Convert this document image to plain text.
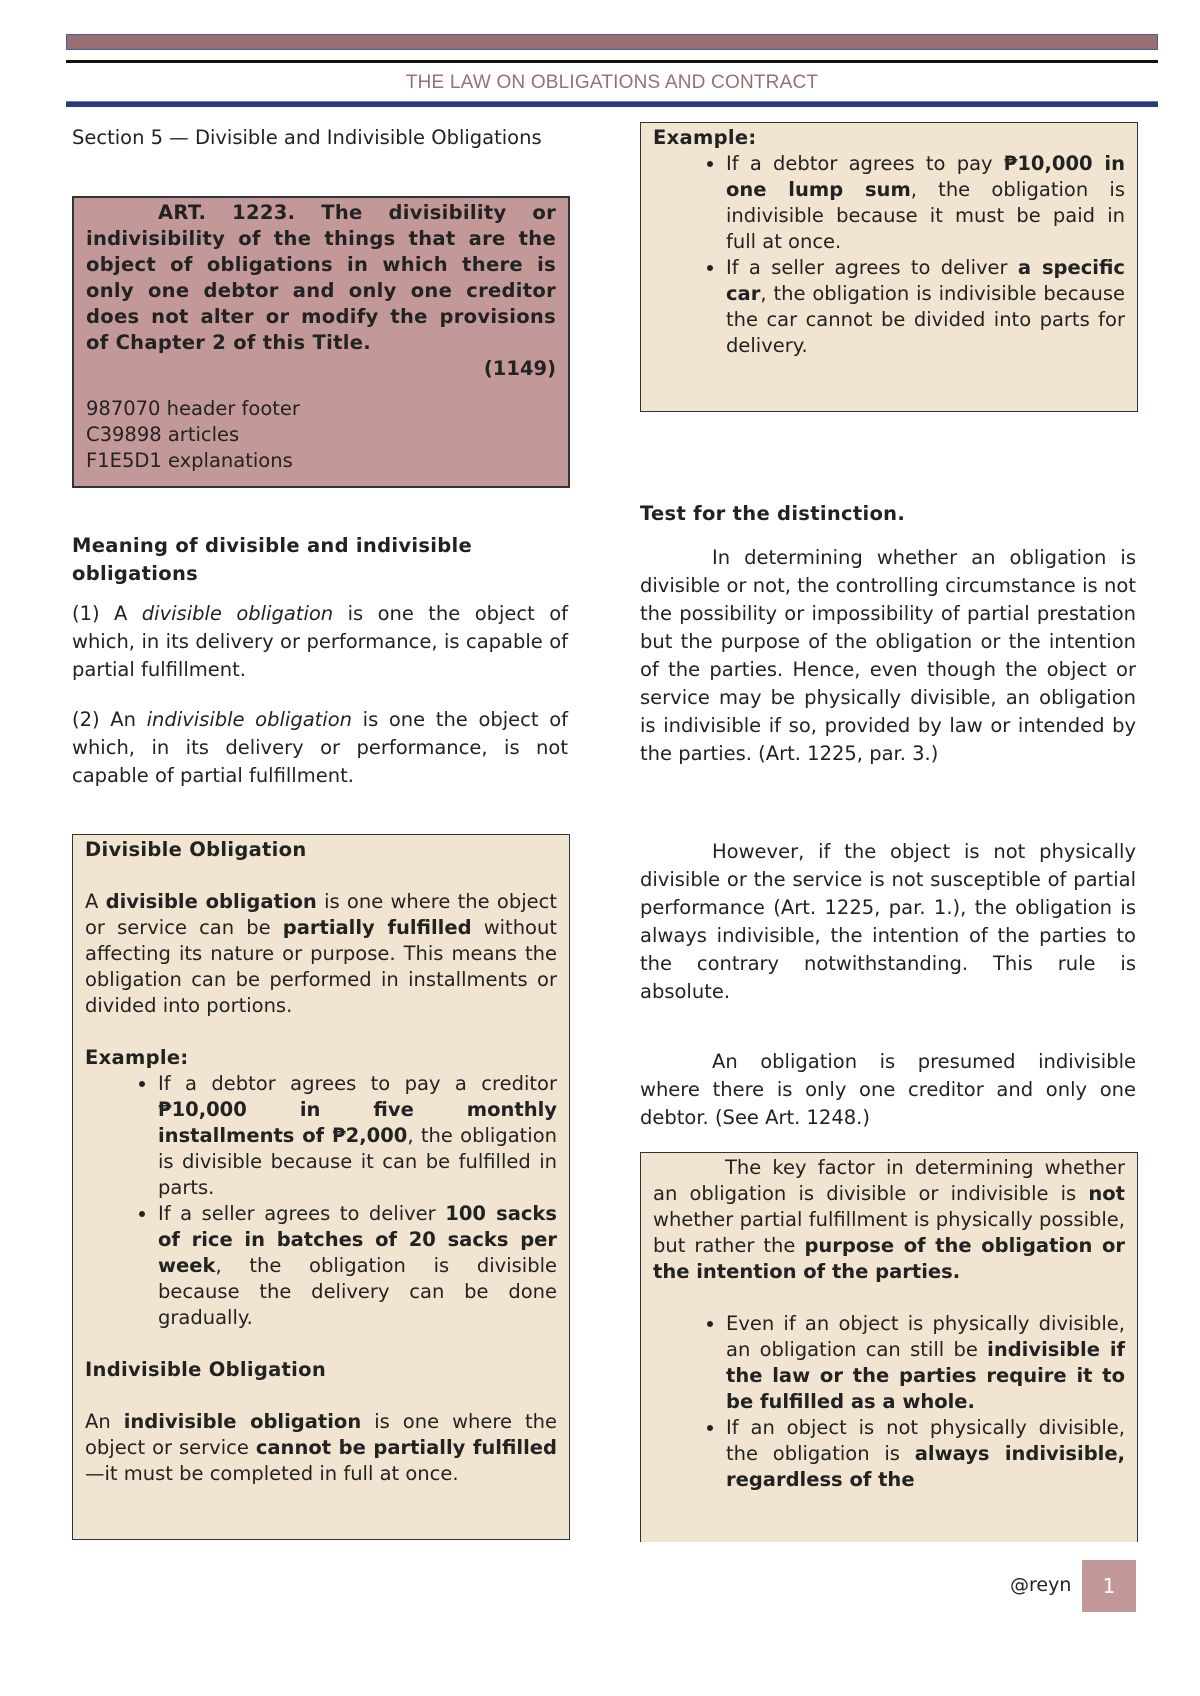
THE LAW ON OBLIGATIONS AND CONTRACT

Section 5 — Divisible and Indivisible Obligations

ART. 1223. The divisibility or indivisibility of the things that are the object of obligations in which there is only one debtor and only one creditor does not alter or modify the provisions of Chapter 2 of this Title.

(1149)

987070 header footer
C39898 articles
F1E5D1 explanations

Meaning of divisible and indivisible obligations

(1) A divisible obligation is one the object of which, in its delivery or performance, is capable of partial fulfillment.

(2) An indivisible obligation is one the object of which, in its delivery or performance, is not capable of partial fulfillment.

Divisible Obligation
A divisible obligation is one where the object or service can be partially fulfilled without affecting its nature or purpose. This means the obligation can be performed in installments or divided into portions.
Example:
• If a debtor agrees to pay a creditor ₱10,000 in five monthly installments of ₱2,000, the obligation is divisible because it can be fulfilled in parts.
• If a seller agrees to deliver 100 sacks of rice in batches of 20 sacks per week, the obligation is divisible because the delivery can be done gradually.
Indivisible Obligation
An indivisible obligation is one where the object or service cannot be partially fulfilled—it must be completed in full at once.
Example:
• If a debtor agrees to pay ₱10,000 in one lump sum, the obligation is indivisible because it must be paid in full at once.
• If a seller agrees to deliver a specific car, the obligation is indivisible because the car cannot be divided into parts for delivery.

Test for the distinction.

In determining whether an obligation is divisible or not, the controlling circumstance is not the possibility or impossibility of partial prestation but the purpose of the obligation or the intention of the parties. Hence, even though the object or service may be physically divisible, an obligation is indivisible if so, provided by law or intended by the parties. (Art. 1225, par. 3.)

However, if the object is not physically divisible or the service is not susceptible of partial performance (Art. 1225, par. 1.), the obligation is always indivisible, the intention of the parties to the contrary notwithstanding. This rule is absolute.

An obligation is presumed indivisible where there is only one creditor and only one debtor. (See Art. 1248.)

The key factor in determining whether an obligation is divisible or indivisible is not whether partial fulfillment is physically possible, but rather the purpose of the obligation or the intention of the parties.
• Even if an object is physically divisible, an obligation can still be indivisible if the law or the parties require it to be fulfilled as a whole.
• If an object is not physically divisible, the obligation is always indivisible, regardless of the
@reyn	1
